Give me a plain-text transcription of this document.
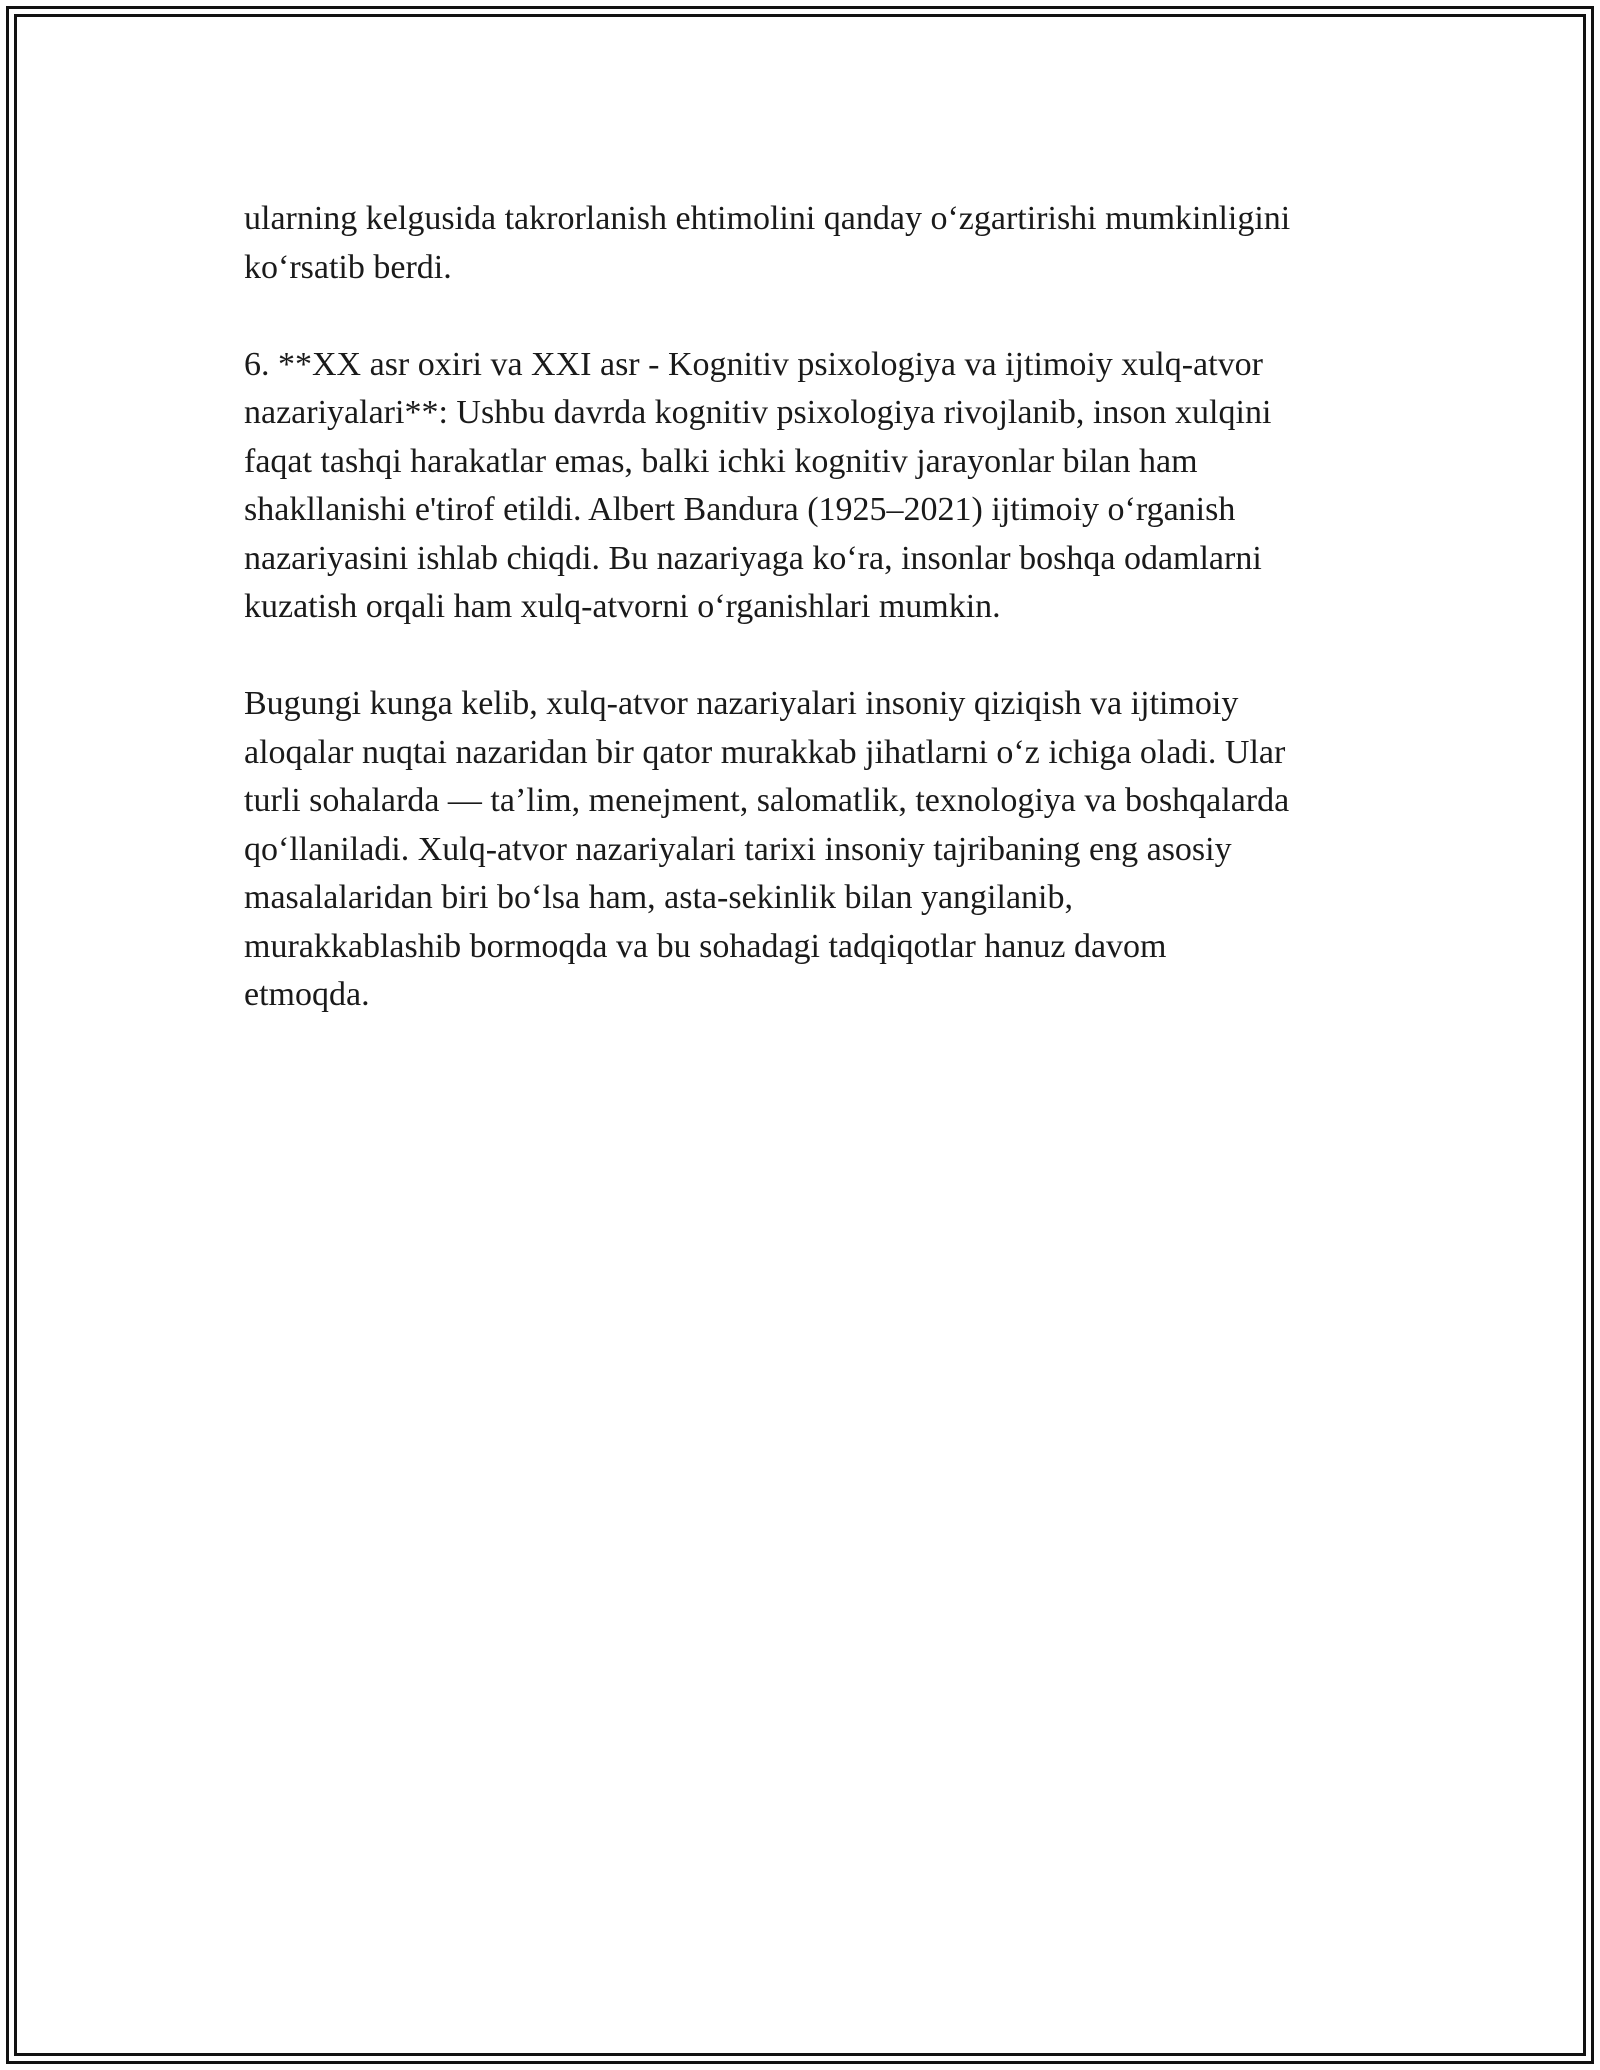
ularning kelgusida takrorlanish ehtimolini qanday o‘zgartirishi mumkinligini
ko‘rsatib berdi.

6. **XX asr oxiri va XXI asr - Kognitiv psixologiya va ijtimoiy xulq-atvor
nazariyalari**: Ushbu davrda kognitiv psixologiya rivojlanib, inson xulqini
faqat tashqi harakatlar emas, balki ichki kognitiv jarayonlar bilan ham
shakllanishi e'tirof etildi. Albert Bandura (1925–2021) ijtimoiy o‘rganish
nazariyasini ishlab chiqdi. Bu nazariyaga ko‘ra, insonlar boshqa odamlarni
kuzatish orqali ham xulq-atvorni o‘rganishlari mumkin.

Bugungi kunga kelib, xulq-atvor nazariyalari insoniy qiziqish va ijtimoiy
aloqalar nuqtai nazaridan bir qator murakkab jihatlarni o‘z ichiga oladi. Ular
turli sohalarda — ta’lim, menejment, salomatlik, texnologiya va boshqalarda
qo‘llaniladi. Xulq-atvor nazariyalari tarixi insoniy tajribaning eng asosiy
masalalaridan biri bo‘lsa ham, asta-sekinlik bilan yangilanib,
murakkablashib bormoqda va bu sohadagi tadqiqotlar hanuz davom
etmoqda.
